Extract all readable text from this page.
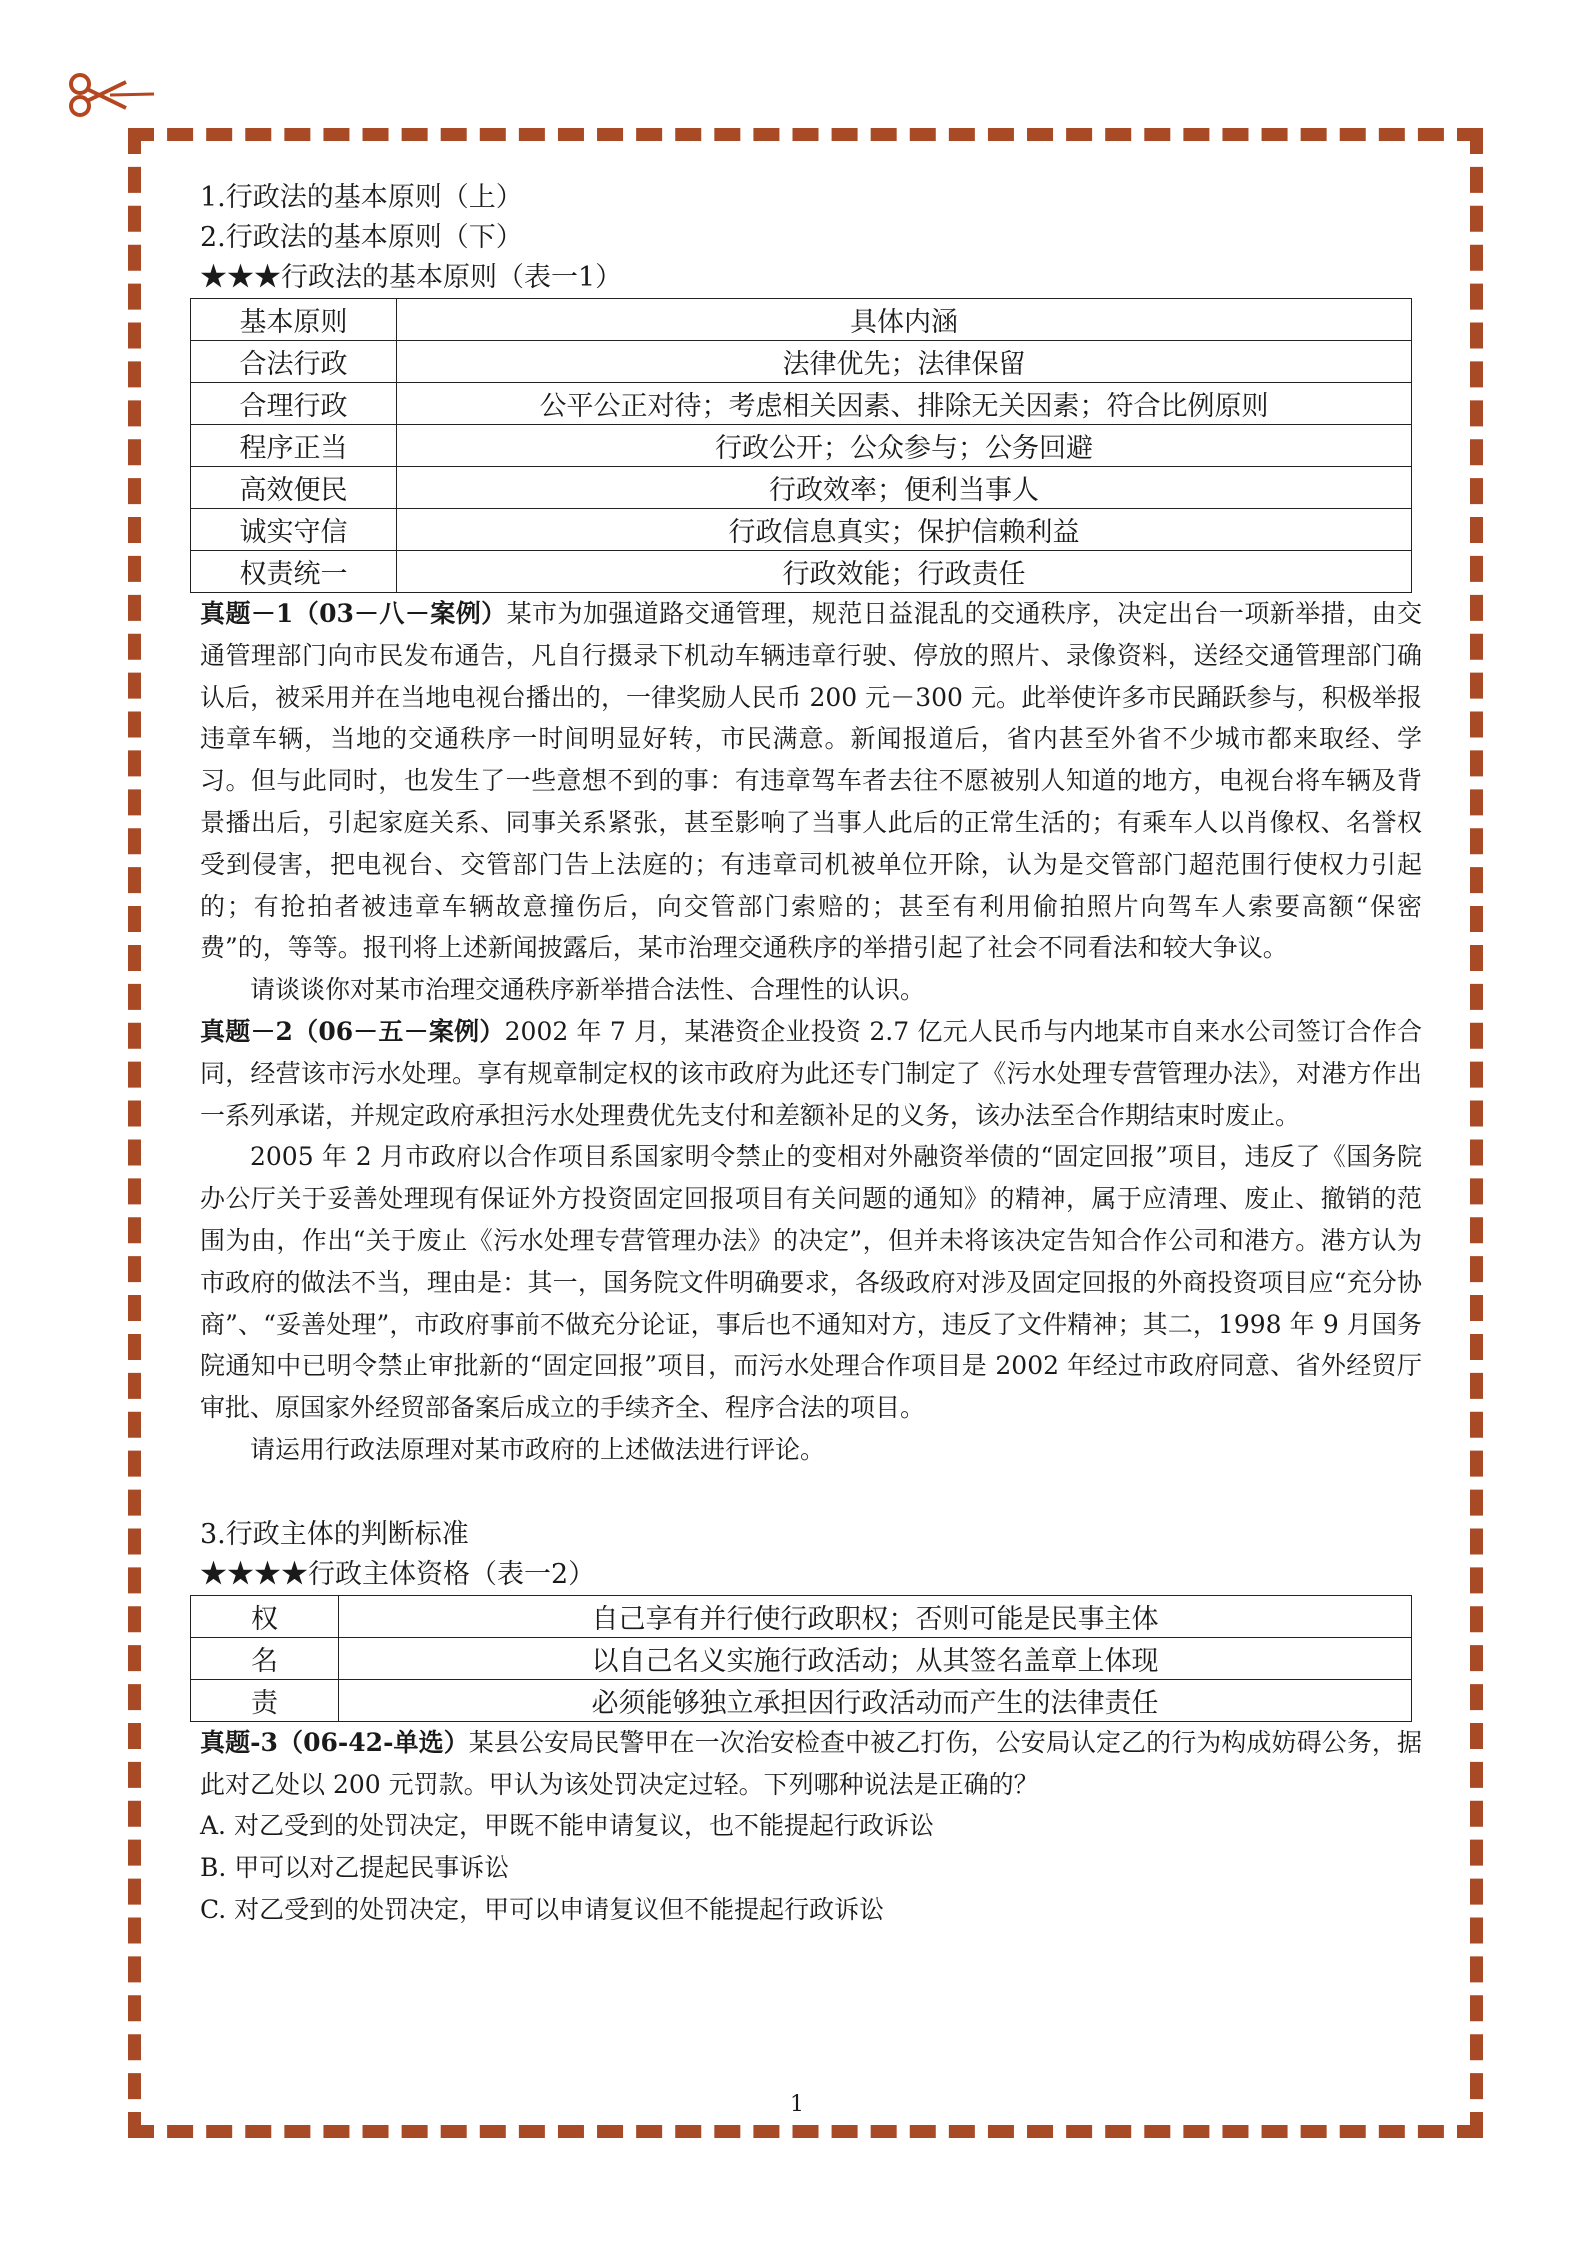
1.行政法的基本原则（上）

2.行政法的基本原则（下）

★★★行政法的基本原则（表一1）

基本原则	具体内涵
合法行政	法律优先；法律保留
合理行政	公平公正对待；考虑相关因素、排除无关因素；符合比例原则
程序正当	行政公开；公众参与；公务回避
高效便民	行政效率；便利当事人
诚实守信	行政信息真实；保护信赖利益
权责统一	行政效能；行政责任

真题－1（03－八－案例）某市为加强道路交通管理，规范日益混乱的交通秩序，决定出台一项新举措，由交通管理部门向市民发布通告，凡自行摄录下机动车辆违章行驶、停放的照片、录像资料，送经交通管理部门确认后，被采用并在当地电视台播出的，一律奖励人民币 200 元－300 元。此举使许多市民踊跃参与，积极举报违章车辆，当地的交通秩序一时间明显好转，市民满意。新闻报道后，省内甚至外省不少城市都来取经、学习。但与此同时，也发生了一些意想不到的事：有违章驾车者去往不愿被别人知道的地方，电视台将车辆及背景播出后，引起家庭关系、同事关系紧张，甚至影响了当事人此后的正常生活的；有乘车人以肖像权、名誉权受到侵害，把电视台、交管部门告上法庭的；有违章司机被单位开除，认为是交管部门超范围行使权力引起的；有抢拍者被违章车辆故意撞伤后，向交管部门索赔的；甚至有利用偷拍照片向驾车人索要高额“保密费”的，等等。报刊将上述新闻披露后，某市治理交通秩序的举措引起了社会不同看法和较大争议。

请谈谈你对某市治理交通秩序新举措合法性、合理性的认识。

真题－2（06－五－案例）2002 年 7 月，某港资企业投资 2.7 亿元人民币与内地某市自来水公司签订合作合同，经营该市污水处理。享有规章制定权的该市政府为此还专门制定了《污水处理专营管理办法》，对港方作出一系列承诺，并规定政府承担污水处理费优先支付和差额补足的义务，该办法至合作期结束时废止。

2005 年 2 月市政府以合作项目系国家明令禁止的变相对外融资举债的“固定回报”项目，违反了《国务院办公厅关于妥善处理现有保证外方投资固定回报项目有关问题的通知》的精神，属于应清理、废止、撤销的范围为由，作出“关于废止《污水处理专营管理办法》的决定”，但并未将该决定告知合作公司和港方。港方认为市政府的做法不当，理由是：其一，国务院文件明确要求，各级政府对涉及固定回报的外商投资项目应“充分协商”、“妥善处理”，市政府事前不做充分论证，事后也不通知对方，违反了文件精神；其二，1998 年 9 月国务院通知中已明令禁止审批新的“固定回报”项目，而污水处理合作项目是 2002 年经过市政府同意、省外经贸厅审批、原国家外经贸部备案后成立的手续齐全、程序合法的项目。

请运用行政法原理对某市政府的上述做法进行评论。

3.行政主体的判断标准

★★★★行政主体资格（表一2）

权	自己享有并行使行政职权；否则可能是民事主体
名	以自己名义实施行政活动；从其签名盖章上体现
责	必须能够独立承担因行政活动而产生的法律责任

真题-3（06-42-单选）某县公安局民警甲在一次治安检查中被乙打伤，公安局认定乙的行为构成妨碍公务，据此对乙处以 200 元罚款。甲认为该处罚决定过轻。下列哪种说法是正确的？

A. 对乙受到的处罚决定，甲既不能申请复议，也不能提起行政诉讼

B. 甲可以对乙提起民事诉讼

C. 对乙受到的处罚决定，甲可以申请复议但不能提起行政诉讼

1
